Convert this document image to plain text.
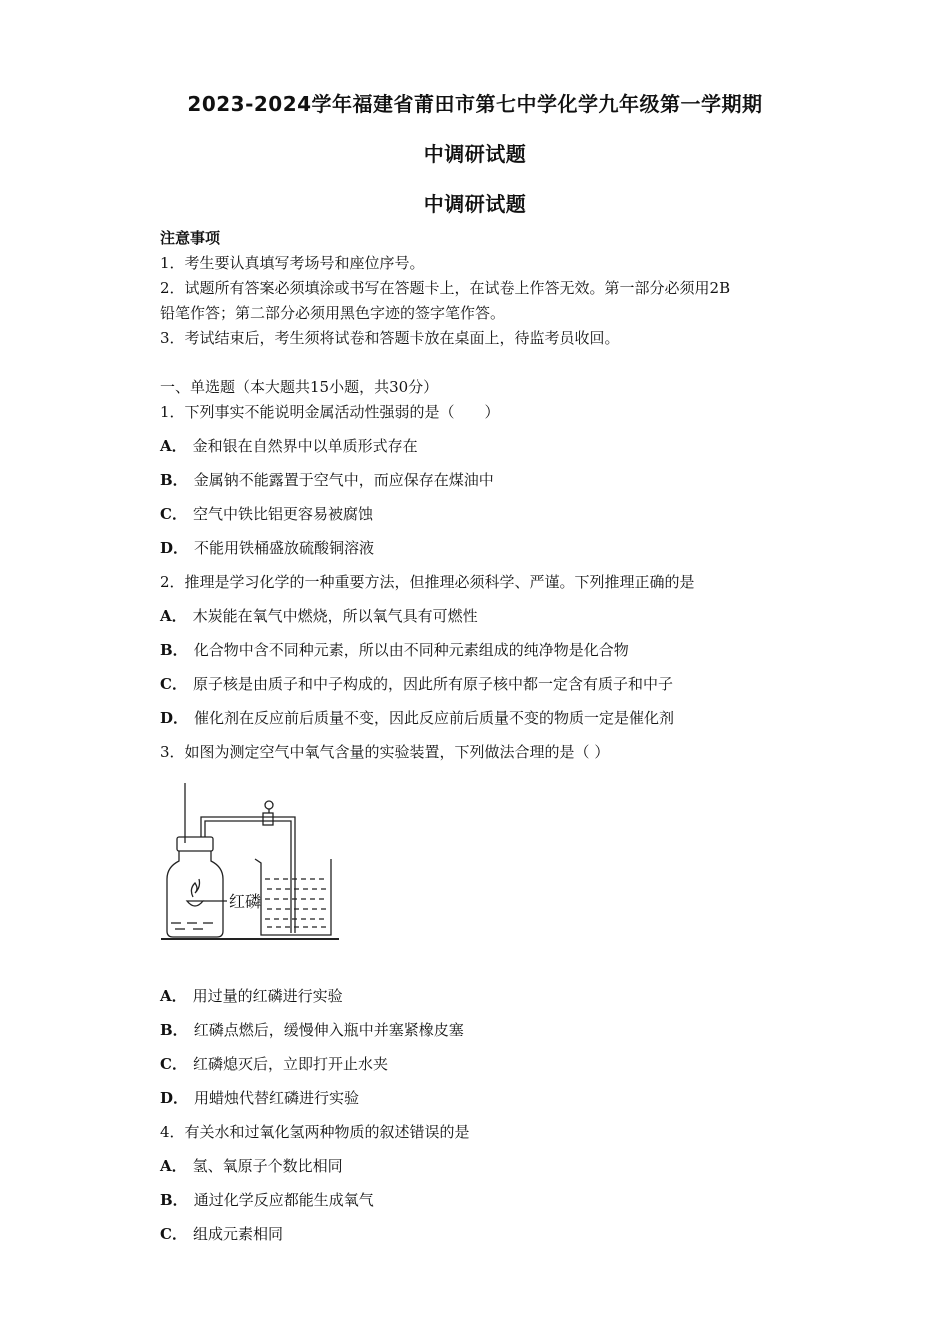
2023-2024学年福建省莆田市第七中学化学九年级第一学期期
中调研试题
中调研试题
注意事项
1．考生要认真填写考场号和座位序号。
2．试题所有答案必须填涂或书写在答题卡上，在试卷上作答无效。第一部分必须用2B
铅笔作答；第二部分必须用黑色字迹的签字笔作答。
3．考试结束后，考生须将试卷和答题卡放在桌面上，待监考员收回。
一、单选题（本大题共15小题，共30分）
1．下列事实不能说明金属活动性强弱的是（　　）
A． 金和银在自然界中以单质形式存在
B． 金属钠不能露置于空气中，而应保存在煤油中
C． 空气中铁比铝更容易被腐蚀
D． 不能用铁桶盛放硫酸铜溶液
2．推理是学习化学的一种重要方法，但推理必须科学、严谨。下列推理正确的是
A． 木炭能在氧气中燃烧，所以氧气具有可燃性
B． 化合物中含不同种元素，所以由不同种元素组成的纯净物是化合物
C． 原子核是由质子和中子构成的，因此所有原子核中都一定含有质子和中子
D． 催化剂在反应前后质量不变，因此反应前后质量不变的物质一定是催化剂
3．如图为测定空气中氧气含量的实验装置，下列做法合理的是（ ）
红磷
A． 用过量的红磷进行实验
B． 红磷点燃后，缓慢伸入瓶中并塞紧橡皮塞
C． 红磷熄灭后，立即打开止水夹
D． 用蜡烛代替红磷进行实验
4．有关水和过氧化氢两种物质的叙述错误的是
A． 氢、氧原子个数比相同
B． 通过化学反应都能生成氧气
C． 组成元素相同
